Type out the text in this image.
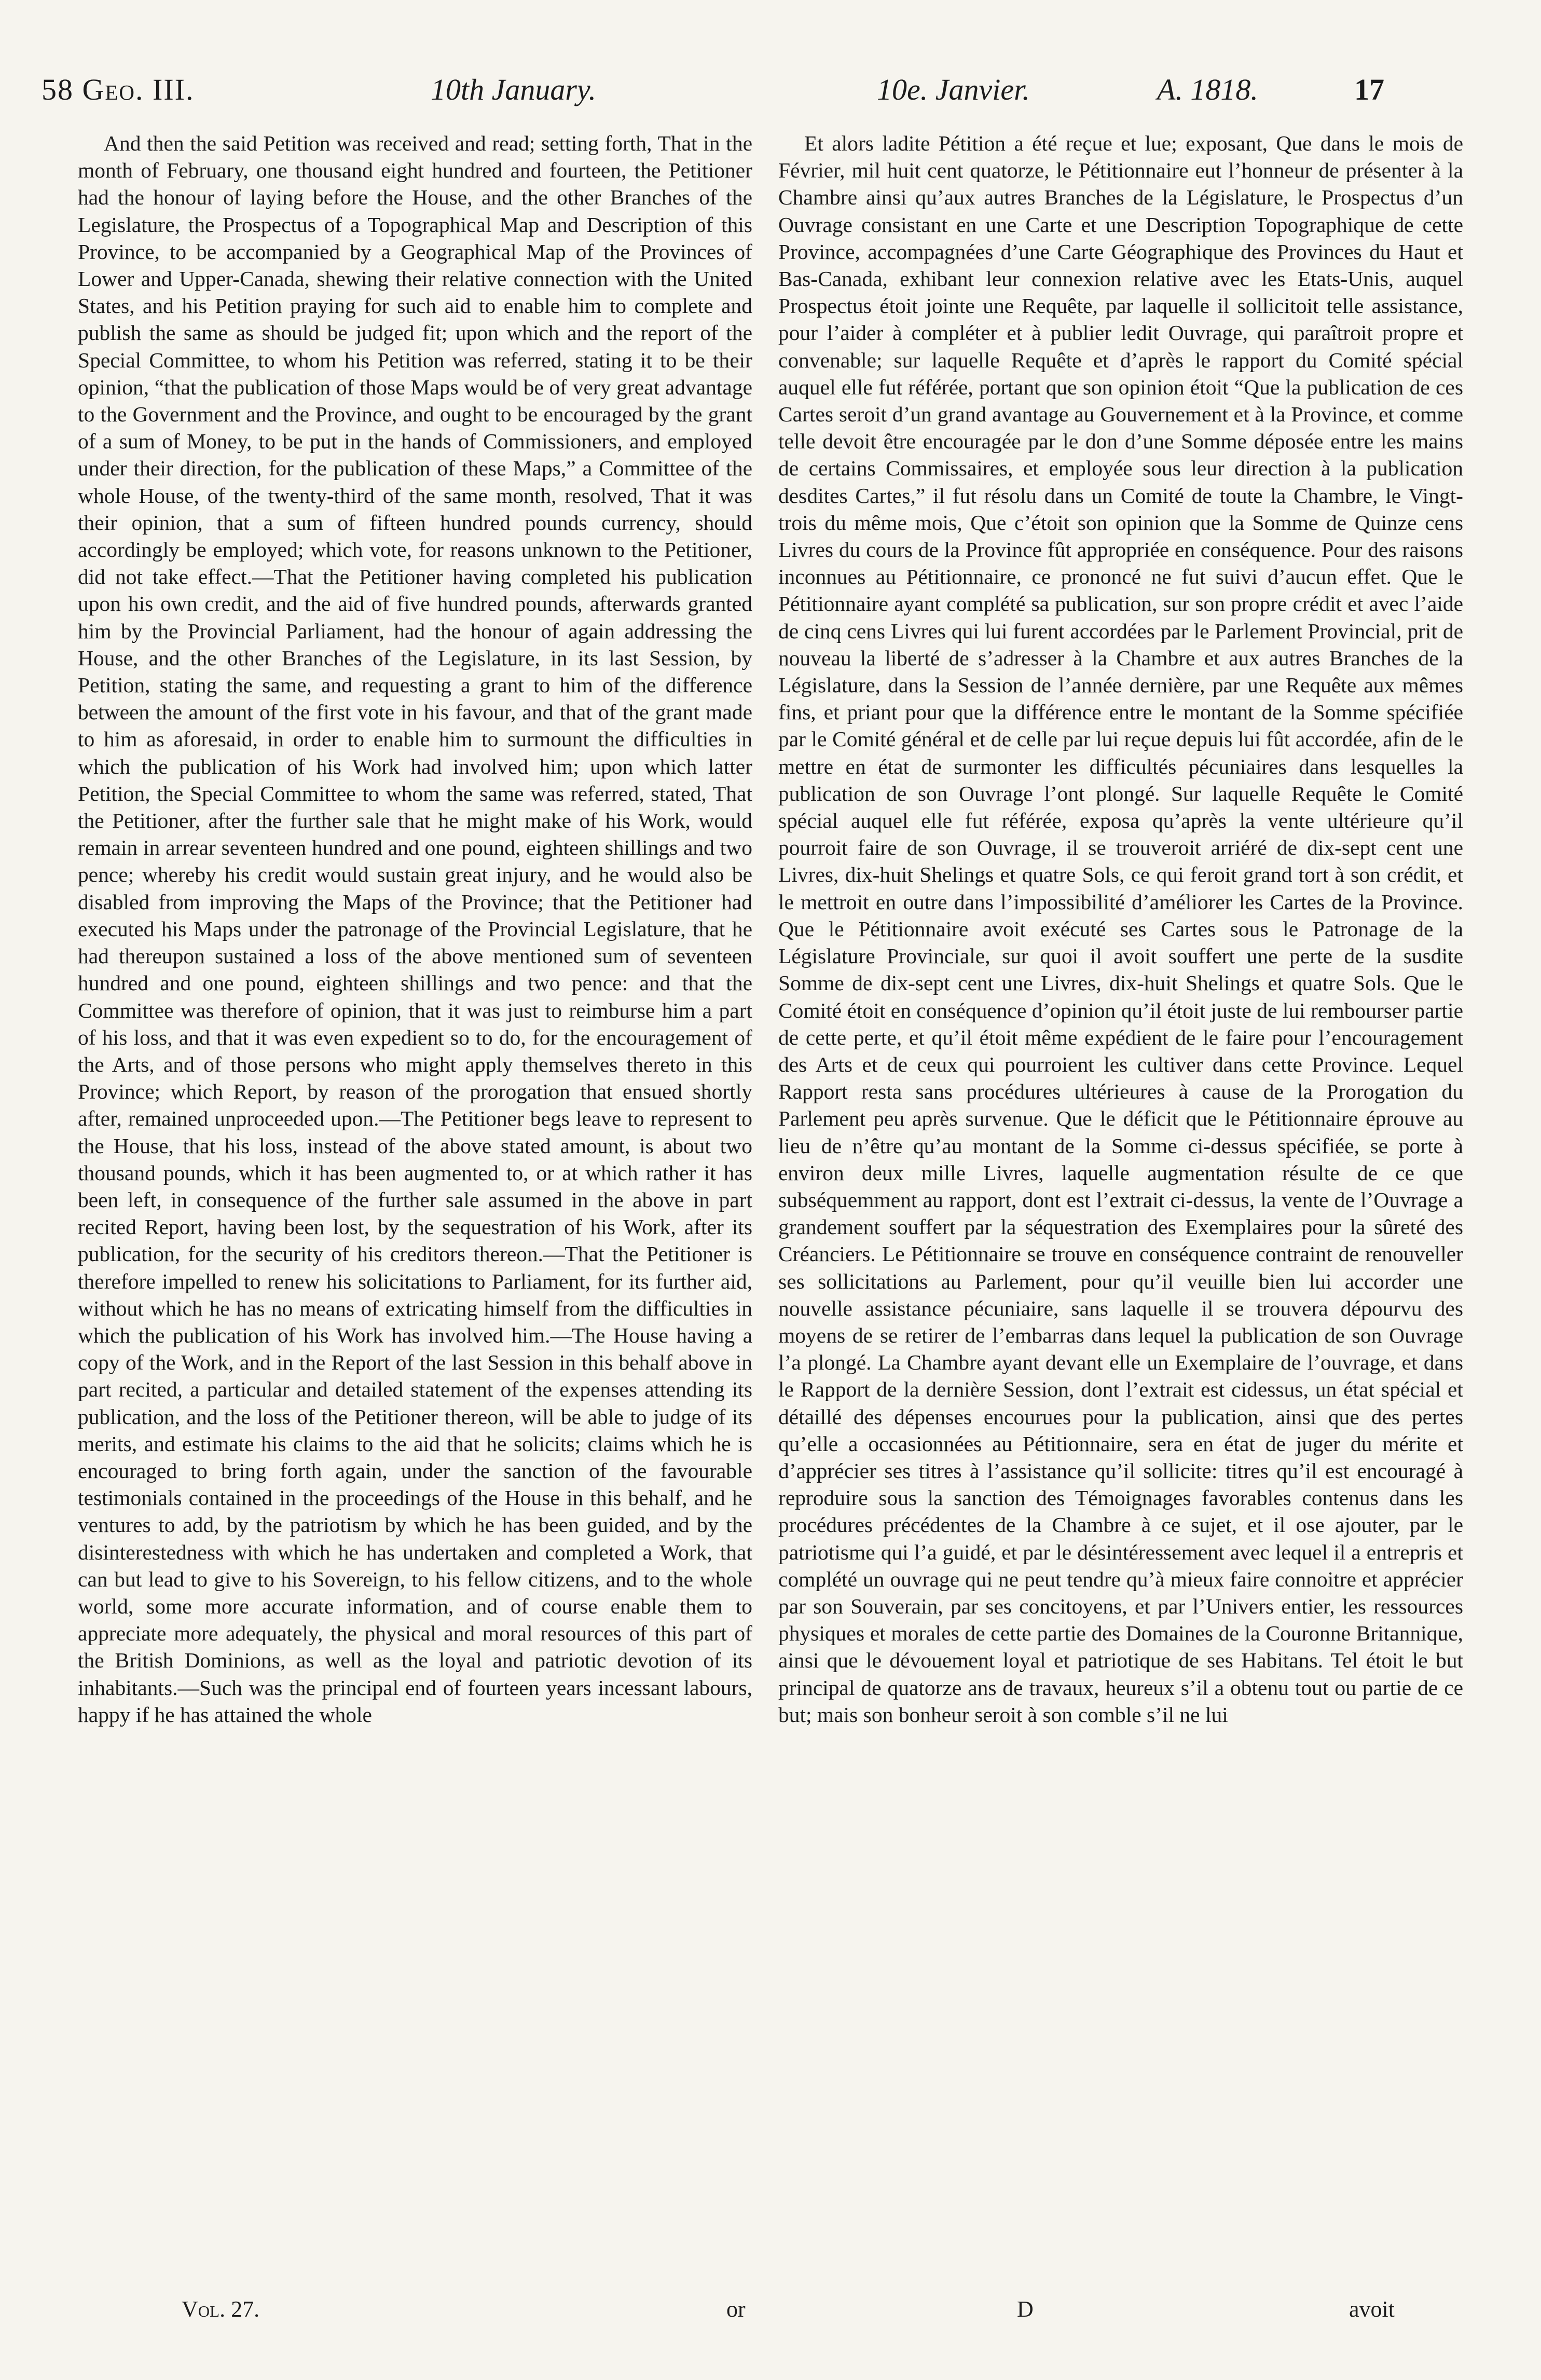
58 Geo. III.	10th January.	10e. Janvier.	A. 1818.	17

And then the said Petition was received and read; setting forth, That in the month of February, one thousand eight hundred and fourteen, the Petitioner had the honour of laying before the House, and the other Branches of the Legislature, the Prospectus of a Topographical Map and Description of this Province, to be accompanied by a Geographical Map of the Provinces of Lower and Upper-Canada, shewing their relative connection with the United States, and his Petition praying for such aid to enable him to complete and publish the same as should be judged fit; upon which and the report of the Special Committee, to whom his Petition was referred, stating it to be their opinion, “that the publication of those Maps would be of very great advantage to the Government and the Province, and ought to be encouraged by the grant of a sum of Money, to be put in the hands of Commissioners, and employed under their direction, for the publication of these Maps,” a Committee of the whole House, of the twenty-third of the same month, resolved, That it was their opinion, that a sum of fifteen hundred pounds currency, should accordingly be employed; which vote, for reasons unknown to the Petitioner, did not take effect.—That the Petitioner having completed his publication upon his own credit, and the aid of five hundred pounds, afterwards granted him by the Provincial Parliament, had the honour of again addressing the House, and the other Branches of the Legislature, in its last Session, by Petition, stating the same, and requesting a grant to him of the difference between the amount of the first vote in his favour, and that of the grant made to him as aforesaid, in order to enable him to surmount the difficulties in which the publication of his Work had involved him; upon which latter Petition, the Special Committee to whom the same was referred, stated, That the Petitioner, after the further sale that he might make of his Work, would remain in arrear seventeen hundred and one pound, eighteen shillings and two pence; whereby his credit would sustain great injury, and he would also be disabled from improving the Maps of the Province; that the Petitioner had executed his Maps under the patronage of the Provincial Legislature, that he had thereupon sustained a loss of the above mentioned sum of seventeen hundred and one pound, eighteen shillings and two pence: and that the Committee was therefore of opinion, that it was just to reimburse him a part of his loss, and that it was even expedient so to do, for the encouragement of the Arts, and of those persons who might apply themselves thereto in this Province; which Report, by reason of the prorogation that ensued shortly after, remained unproceeded upon.—The Petitioner begs leave to represent to the House, that his loss, instead of the above stated amount, is about two thousand pounds, which it has been augmented to, or at which rather it has been left, in consequence of the further sale assumed in the above in part recited Report, having been lost, by the sequestration of his Work, after its publication, for the security of his creditors thereon.—That the Petitioner is therefore impelled to renew his solicitations to Parliament, for its further aid, without which he has no means of extricating himself from the difficulties in which the publication of his Work has involved him.—The House having a copy of the Work, and in the Report of the last Session in this behalf above in part recited, a particular and detailed statement of the expenses attending its publication, and the loss of the Petitioner thereon, will be able to judge of its merits, and estimate his claims to the aid that he solicits; claims which he is encouraged to bring forth again, under the sanction of the favourable testimonials contained in the proceedings of the House in this behalf, and he ventures to add, by the patriotism by which he has been guided, and by the disinterestedness with which he has undertaken and completed a Work, that can but lead to give to his Sovereign, to his fellow citizens, and to the whole world, some more accurate information, and of course enable them to appreciate more adequately, the physical and moral resources of this part of the British Dominions, as well as the loyal and patriotic devotion of its inhabitants.—Such was the principal end of fourteen years incessant labours, happy if he has attained the whole

Et alors ladite Pétition a été reçue et lue; exposant, Que dans le mois de Février, mil huit cent quatorze, le Pétitionnaire eut l’honneur de présenter à la Chambre ainsi qu’aux autres Branches de la Législature, le Prospectus d’un Ouvrage consistant en une Carte et une Description Topographique de cette Province, accompagnées d’une Carte Géographique des Provinces du Haut et Bas-Canada, exhibant leur connexion relative avec les Etats-Unis, auquel Prospectus étoit jointe une Requête, par laquelle il sollicitoit telle assistance, pour l’aider à compléter et à publier ledit Ouvrage, qui paraîtroit propre et convenable; sur laquelle Requête et d’après le rapport du Comité spécial auquel elle fut référée, portant que son opinion étoit “Que la publication de ces Cartes seroit d’un grand avantage au Gouvernement et à la Province, et comme telle devoit être encouragée par le don d’une Somme déposée entre les mains de certains Commissaires, et employée sous leur direction à la publication desdites Cartes,” il fut résolu dans un Comité de toute la Chambre, le Vingt-trois du même mois, Que c’étoit son opinion que la Somme de Quinze cens Livres du cours de la Province fût appropriée en conséquence. Pour des raisons inconnues au Pétitionnaire, ce prononcé ne fut suivi d’aucun effet. Que le Pétitionnaire ayant complété sa publication, sur son propre crédit et avec l’aide de cinq cens Livres qui lui furent accordées par le Parlement Provincial, prit de nouveau la liberté de s’adresser à la Chambre et aux autres Branches de la Législature, dans la Session de l’année dernière, par une Requête aux mêmes fins, et priant pour que la différence entre le montant de la Somme spécifiée par le Comité général et de celle par lui reçue depuis lui fût accordée, afin de le mettre en état de surmonter les difficultés pécuniaires dans lesquelles la publication de son Ouvrage l’ont plongé. Sur laquelle Requête le Comité spécial auquel elle fut référée, exposa qu’après la vente ultérieure qu’il pourroit faire de son Ouvrage, il se trouveroit arriéré de dix-sept cent une Livres, dix-huit Shelings et quatre Sols, ce qui feroit grand tort à son crédit, et le mettroit en outre dans l’impossibilité d’améliorer les Cartes de la Province. Que le Pétitionnaire avoit exécuté ses Cartes sous le Patronage de la Législature Provinciale, sur quoi il avoit souffert une perte de la susdite Somme de dix-sept cent une Livres, dix-huit Shelings et quatre Sols. Que le Comité étoit en conséquence d’opinion qu’il étoit juste de lui rembourser partie de cette perte, et qu’il étoit même expédient de le faire pour l’encouragement des Arts et de ceux qui pourroient les cultiver dans cette Province. Lequel Rapport resta sans procédures ultérieures à cause de la Prorogation du Parlement peu après survenue. Que le déficit que le Pétitionnaire éprouve au lieu de n’être qu’au montant de la Somme ci-dessus spécifiée, se porte à environ deux mille Livres, laquelle augmentation résulte de ce que subséquemment au rapport, dont est l’extrait ci-dessus, la vente de l’Ouvrage a grandement souffert par la séquestration des Exemplaires pour la sûreté des Créanciers. Le Pétitionnaire se trouve en conséquence contraint de renouveller ses sollicitations au Parlement, pour qu’il veuille bien lui accorder une nouvelle assistance pécuniaire, sans laquelle il se trouvera dépourvu des moyens de se retirer de l’embarras dans lequel la publication de son Ouvrage l’a plongé. La Chambre ayant devant elle un Exemplaire de l’ouvrage, et dans le Rapport de la dernière Session, dont l’extrait est cidessus, un état spécial et détaillé des dépenses encourues pour la publication, ainsi que des pertes qu’elle a occasionnées au Pétitionnaire, sera en état de juger du mérite et d’apprécier ses titres à l’assistance qu’il sollicite: titres qu’il est encouragé à reproduire sous la sanction des Témoignages favorables contenus dans les procédures précédentes de la Chambre à ce sujet, et il ose ajouter, par le patriotisme qui l’a guidé, et par le désintéressement avec lequel il a entrepris et complété un ouvrage qui ne peut tendre qu’à mieux faire connoitre et apprécier par son Souverain, par ses concitoyens, et par l’Univers entier, les ressources physiques et morales de cette partie des Domaines de la Couronne Britannique, ainsi que le dévouement loyal et patriotique de ses Habitans. Tel étoit le but principal de quatorze ans de travaux, heureux s’il a obtenu tout ou partie de ce but; mais son bonheur seroit à son comble s’il ne lui

Vol. 27.	or	D	avoit
